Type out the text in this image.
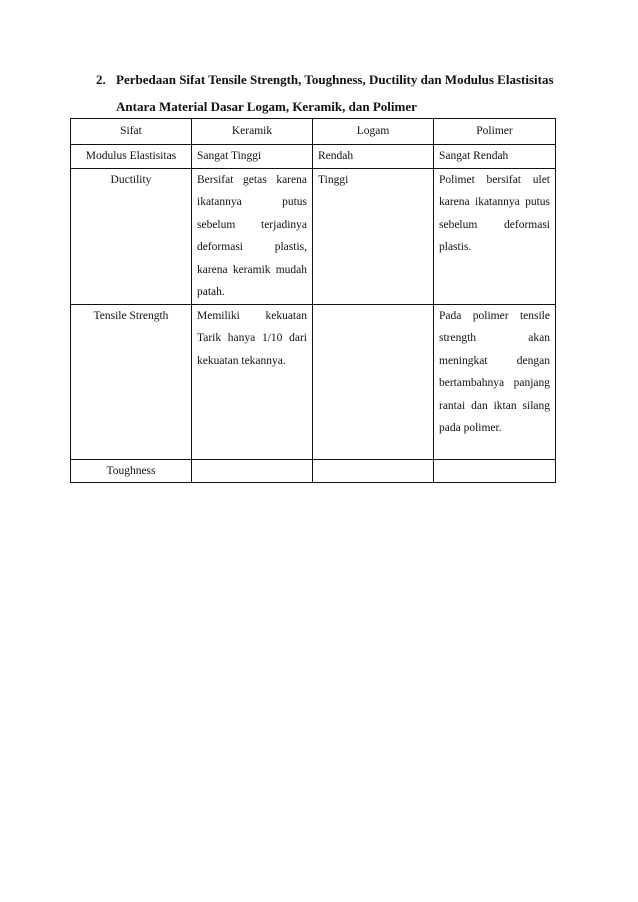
2. Perbedaan Sifat Tensile Strength, Toughness, Ductility dan Modulus Elastisitas
Antara Material Dasar Logam, Keramik, dan Polimer
Sifat	Keramik	Logam	Polimer
Modulus Elastisitas	Sangat Tinggi	Rendah	Sangat Rendah
Ductility	Bersifat getas karena ikatannya putus sebelum terjadinya deformasi plastis, karena keramik mudah patah.	Tinggi	Polimet bersifat ulet karena ikatannya putus sebelum deformasi plastis.
Tensile Strength	Memiliki kekuatan Tarik hanya 1/10 dari kekuatan tekannya.		Pada polimer tensile strength akan meningkat dengan bertambahnya panjang rantai dan iktan silang pada polimer.
Toughness			
